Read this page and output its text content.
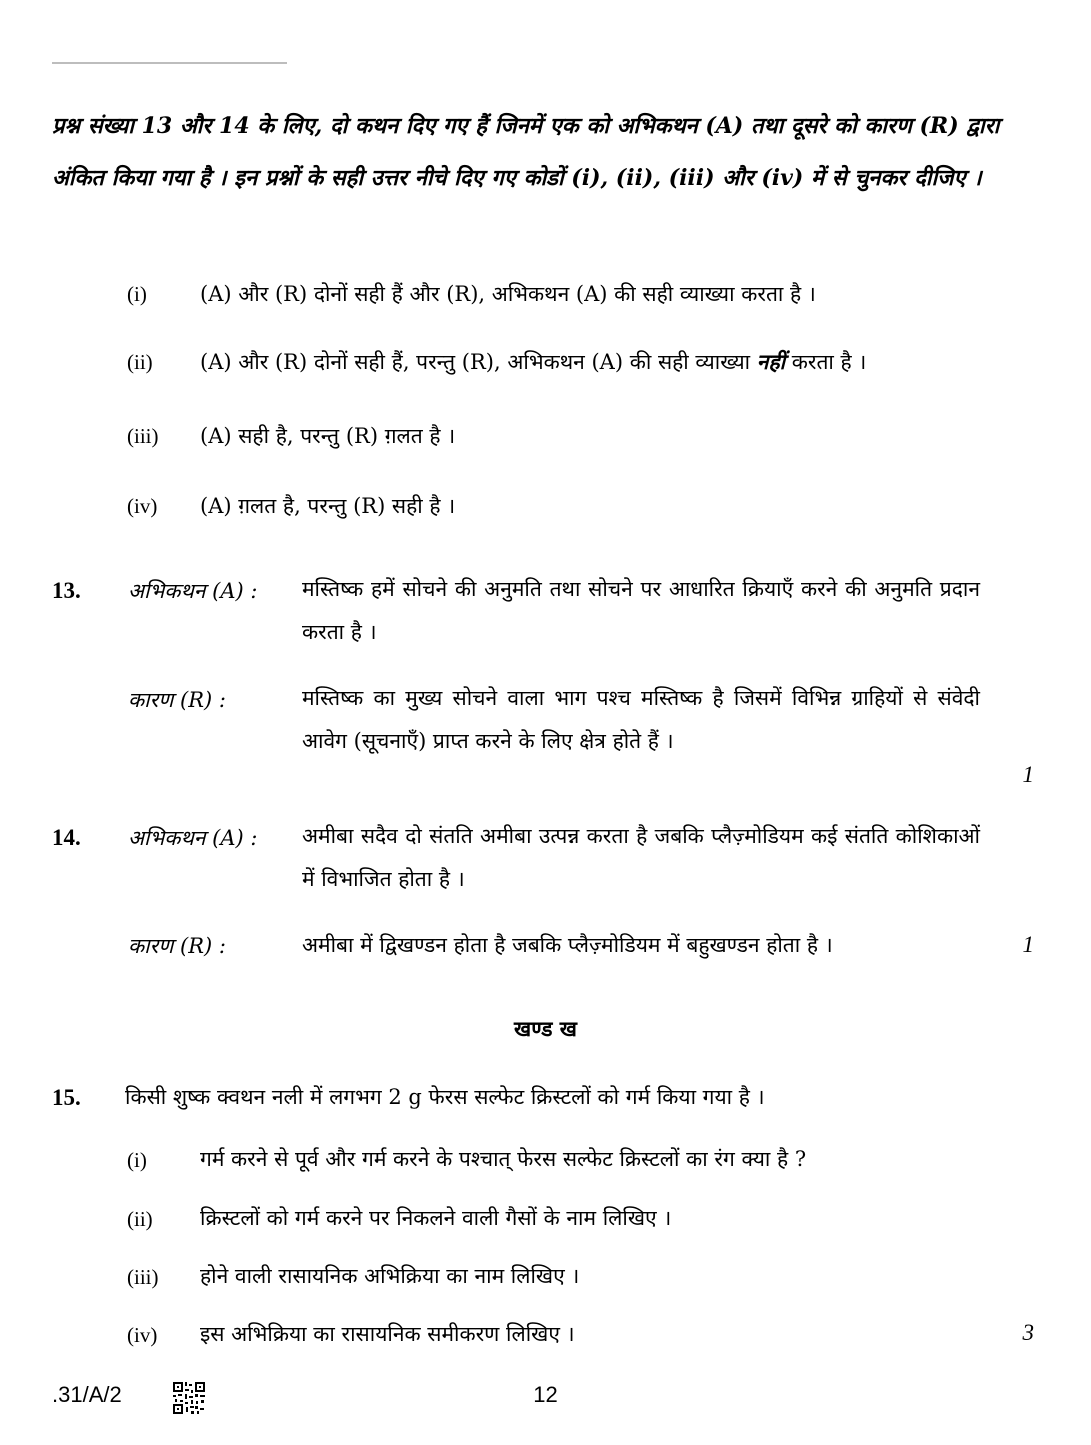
प्रश्न संख्या 13 और 14 के लिए, दो कथन दिए गए हैं जिनमें एक को अभिकथन (A) तथा दूसरे को कारण (R) द्वारा अंकित किया गया है । इन प्रश्नों के सही उत्तर नीचे दिए गए कोडों (i), (ii), (iii) और (iv) में से चुनकर दीजिए ।
(i)	(A) और (R) दोनों सही हैं और (R), अभिकथन (A) की सही व्याख्या करता है ।
(ii) (A) और (R) दोनों सही हैं, परन्तु (R), अभिकथन (A) की सही व्याख्या नहीं करता है ।
(iii) (A) सही है, परन्तु (R) ग़लत है ।
(iv) (A) ग़लत है, परन्तु (R) सही है ।
13. अभिकथन (A) : मस्तिष्क हमें सोचने की अनुमति तथा सोचने पर आधारित क्रियाएँ करने की अनुमति प्रदान करता है ।
कारण (R) :	मस्तिष्क का मुख्य सोचने वाला भाग पश्च मस्तिष्क है जिसमें विभिन्न ग्राहियों से संवेदी आवेग (सूचनाएँ) प्राप्त करने के लिए क्षेत्र होते हैं ।
1
14. अभिकथन (A) : अमीबा सदैव दो संतति अमीबा उत्पन्न करता है जबकि प्लैज़्मोडियम कई संतति कोशिकाओं में विभाजित होता है ।
कारण (R) :	अमीबा में द्विखण्डन होता है जबकि प्लैज़्मोडियम में बहुखण्डन होता है ।	1
खण्ड ख
15. किसी शुष्क क्वथन नली में लगभग 2 g फेरस सल्फेट क्रिस्टलों को गर्म किया गया है ।
(i)	गर्म करने से पूर्व और गर्म करने के पश्चात् फेरस सल्फेट क्रिस्टलों का रंग क्या है ?
(ii) क्रिस्टलों को गर्म करने पर निकलने वाली गैसों के नाम लिखिए ।
(iii) होने वाली रासायनिक अभिक्रिया का नाम लिखिए ।
(iv) इस अभिक्रिया का रासायनिक समीकरण लिखिए ।	3
.31/A/2	12
